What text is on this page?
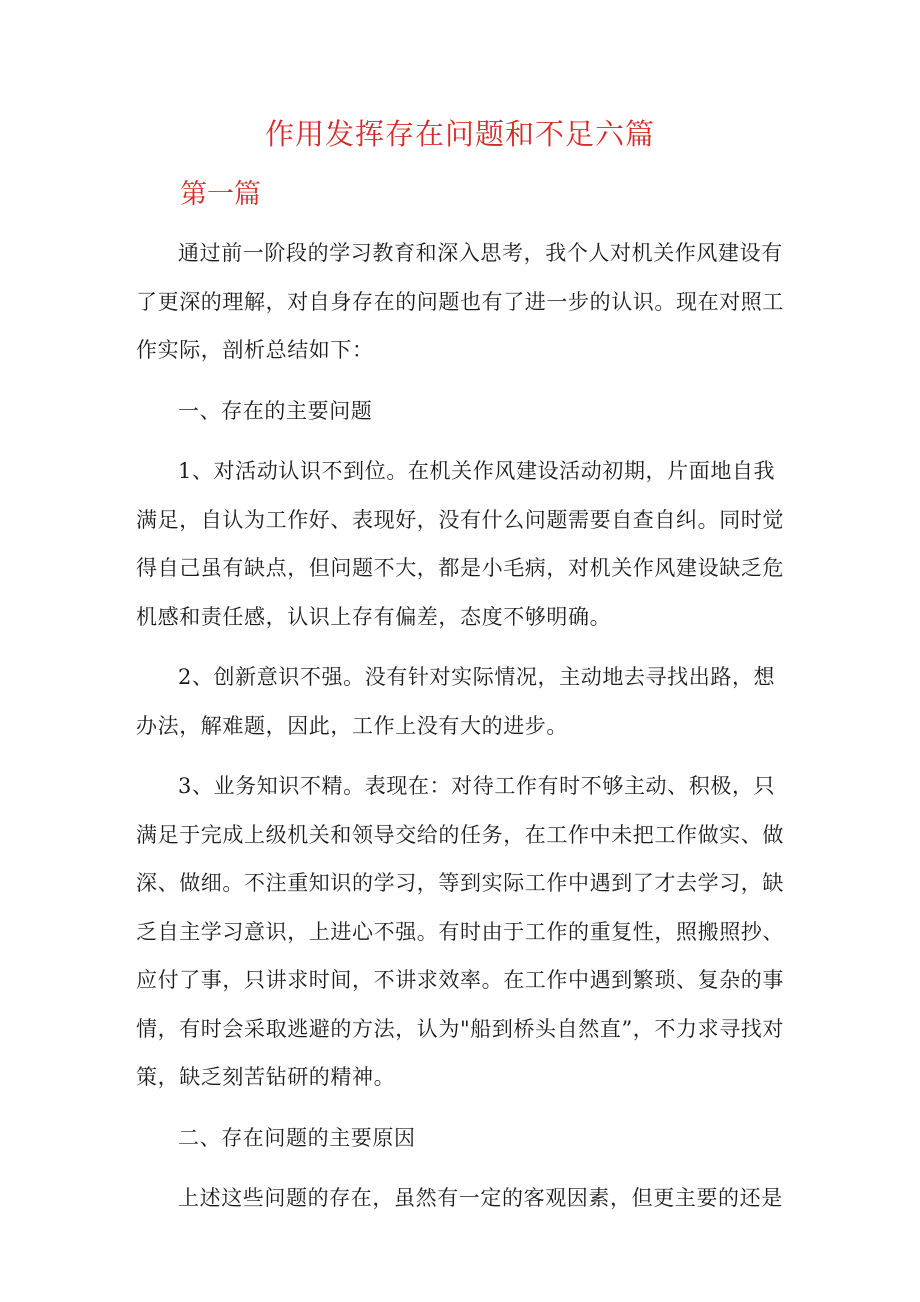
作用发挥存在问题和不足六篇
第一篇

通过前一阶段的学习教育和深入思考，我个人对机关作风建设有了更深的理解，对自身存在的问题也有了进一步的认识。现在对照工作实际，剖析总结如下：

一、存在的主要问题

1、对活动认识不到位。在机关作风建设活动初期，片面地自我满足，自认为工作好、表现好，没有什么问题需要自查自纠。同时觉得自己虽有缺点，但问题不大，都是小毛病，对机关作风建设缺乏危机感和责任感，认识上存有偏差，态度不够明确。

2、创新意识不强。没有针对实际情况，主动地去寻找出路，想办法，解难题，因此，工作上没有大的进步。

3、业务知识不精。表现在：对待工作有时不够主动、积极，只满足于完成上级机关和领导交给的任务，在工作中未把工作做实、做深、做细。不注重知识的学习，等到实际工作中遇到了才去学习，缺乏自主学习意识，上进心不强。有时由于工作的重复性，照搬照抄、应付了事，只讲求时间，不讲求效率。在工作中遇到繁琐、复杂的事情，有时会采取逃避的方法，认为"船到桥头自然直”，不力求寻找对策，缺乏刻苦钻研的精神。

二、存在问题的主要原因

上述这些问题的存在，虽然有一定的客观因素，但更主要的还是
